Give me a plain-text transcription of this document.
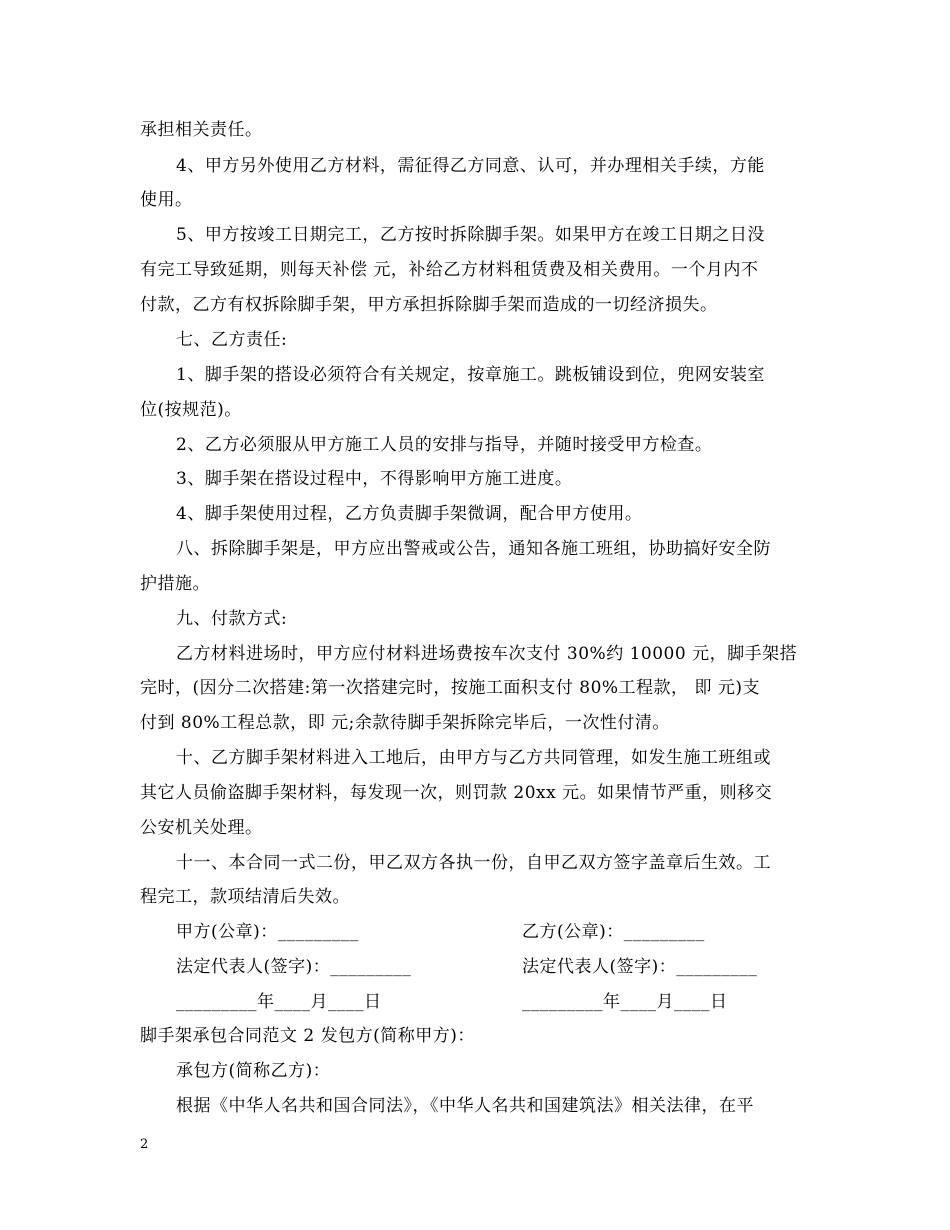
承担相关责任。
4、甲方另外使用乙方材料，需征得乙方同意、认可，并办理相关手续，方能
使用。
5、甲方按竣工日期完工，乙方按时拆除脚手架。如果甲方在竣工日期之日没
有完工导致延期，则每天补偿 元，补给乙方材料租赁费及相关费用。一个月内不
付款，乙方有权拆除脚手架，甲方承担拆除脚手架而造成的一切经济损失。
七、乙方责任:
1、脚手架的搭设必须符合有关规定，按章施工。跳板铺设到位，兜网安装室
位(按规范)。
2、乙方必须服从甲方施工人员的安排与指导，并随时接受甲方检查。
3、脚手架在搭设过程中，不得影响甲方施工进度。
4、脚手架使用过程，乙方负责脚手架微调，配合甲方使用。
八、拆除脚手架是，甲方应出警戒或公告，通知各施工班组，协助搞好安全防
护措施。
九、付款方式:
乙方材料进场时，甲方应付材料进场费按车次支付 30%约 10000 元，脚手架搭
完时，(因分二次搭建:第一次搭建完时，按施工面积支付 80%工程款， 即 元)支
付到 80%工程总款，即 元;余款待脚手架拆除完毕后，一次性付清。
十、乙方脚手架材料进入工地后，由甲方与乙方共同管理，如发生施工班组或
其它人员偷盗脚手架材料，每发现一次，则罚款 20xx 元。如果情节严重，则移交
公安机关处理。
十一、本合同一式二份，甲乙双方各执一份，自甲乙双方签字盖章后生效。工
程完工，款项结清后失效。
甲方(公章)：_________	乙方(公章)：_________
法定代表人(签字)：_________	法定代表人(签字)：_________
_________年____月____日	_________年____月____日
脚手架承包合同范文 2 发包方(简称甲方)：
承包方(简称乙方)：
根据《中华人名共和国合同法》，《中华人名共和国建筑法》相关法律，在平
2
